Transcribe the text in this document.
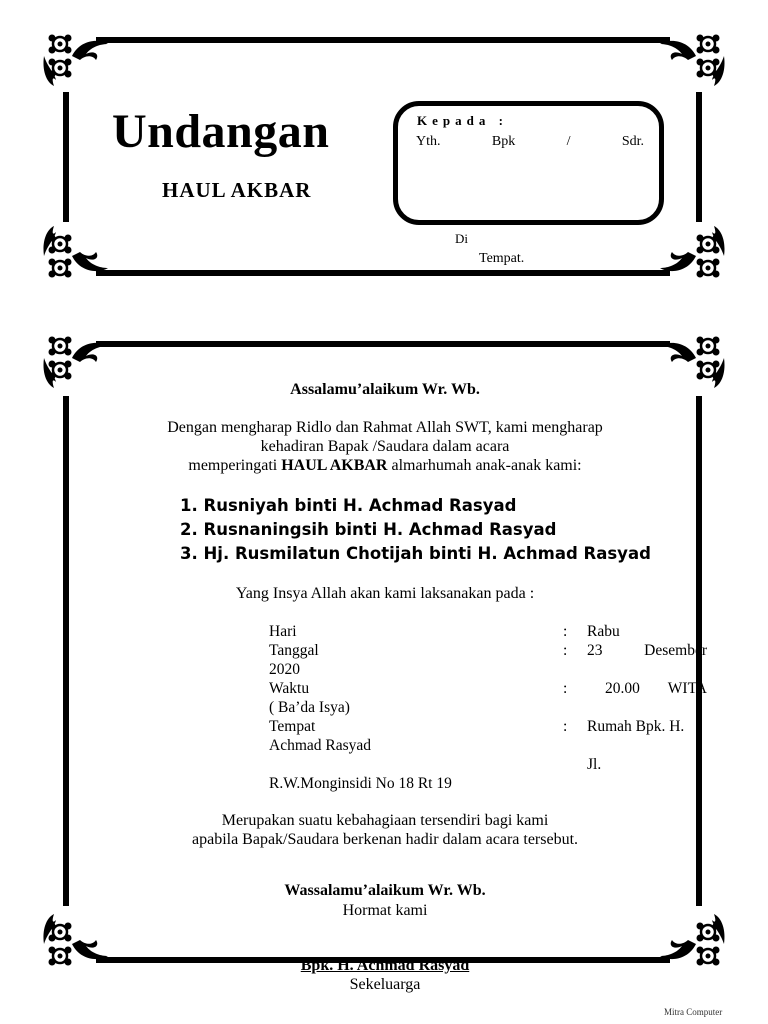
Undangan
HAUL AKBAR
Kepada :
Yth.	Bpk	/	Sdr.
Di
Tempat.
Assalamu’alaikum Wr. Wb.
Dengan mengharap Ridlo dan Rahmat Allah SWT, kami mengharap
kehadiran Bapak /Saudara dalam acara
memperingati HAUL AKBAR almarhumah anak-anak kami:
1. Rusniyah binti H. Achmad Rasyad
2. Rusnaningsih binti H. Achmad Rasyad
3. Hj. Rusmilatun Chotijah binti H. Achmad Rasyad
Yang Insya Allah akan kami laksanakan pada :
Hari	: Rabu
Tanggal	: 23	Desember
2020
Waktu	: 20.00 WITA
( Ba’da Isya)
Tempat	: Rumah Bpk. H.
Achmad Rasyad
Jl.
R.W.Monginsidi No 18 Rt 19
Merupakan suatu kebahagiaan tersendiri bagi kami
apabila Bapak/Saudara berkenan hadir dalam acara tersebut.
Wassalamu’alaikum Wr. Wb.
Hormat kami
Bpk. H. Achmad Rasyad
Sekeluarga
Mitra Computer
